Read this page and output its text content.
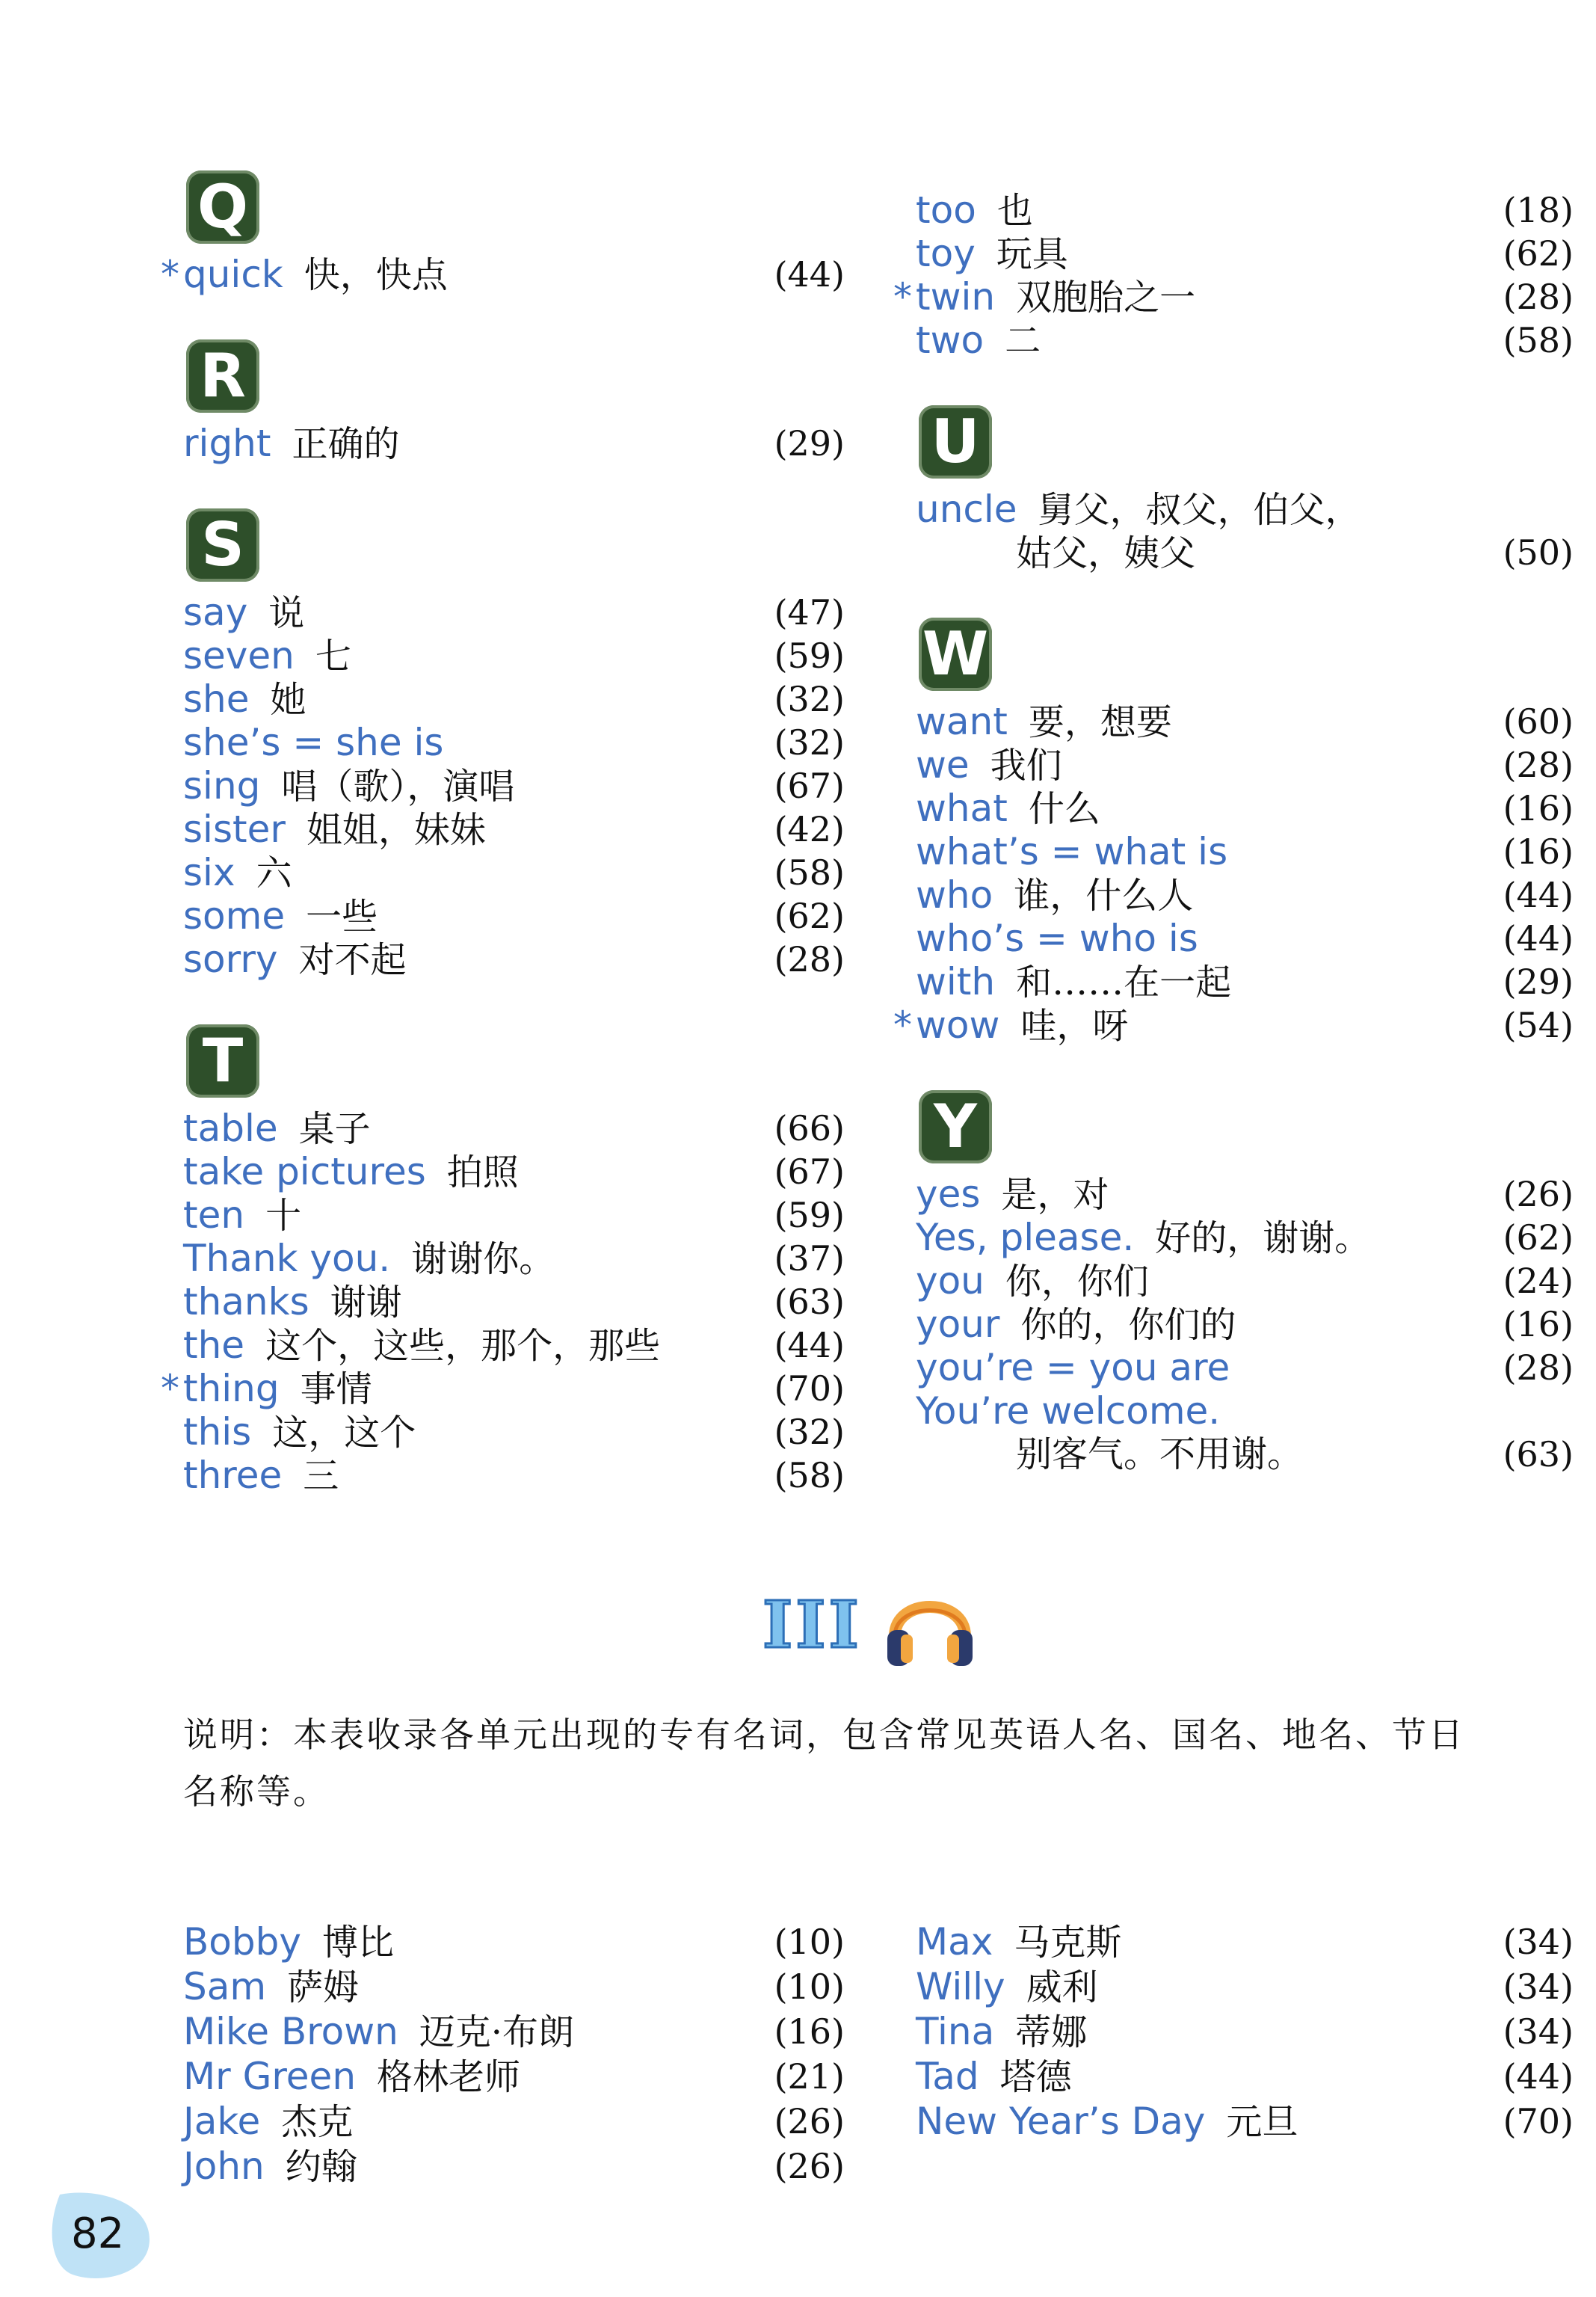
Q
* quick 快，快点	(44)
R
right 正确的	(29)
S
say 说	(47)
seven 七	(59)
she 她	(32)
she’s = she is	(32)
sing 唱（歌），演唱	(67)
sister 姐姐，妹妹	(42)
six 六	(58)
some 一些	(62)
sorry 对不起	(28)
T
table 桌子	(66)
take pictures 拍照	(67)
ten 十	(59)
Thank you. 谢谢你。	(37)
thanks 谢谢	(63)
the 这个，这些，那个，那些	(44)
* thing 事情	(70)
this 这，这个	(32)
three 三	(58)
too 也	(18)
toy 玩具	(62)
* twin 双胞胎之一	(28)
two 二	(58)
U
uncle 舅父，叔父，伯父，
姑父，姨父	(50)
W
want 要，想要	(60)
we 我们	(28)
what 什么	(16)
what’s = what is	(16)
who 谁，什么人	(44)
who’s = who is	(44)
with 和……在一起	(29)
* wow 哇，呀	(54)
Y
yes 是，对	(26)
Yes, please. 好的，谢谢。	(62)
you 你，你们	(24)
your 你的，你们的	(16)
you’re = you are	(28)
You’re welcome.
别客气。不用谢。	(63)
III
说明：本表收录各单元出现的专有名词，包含常见英语人名、国名、地名、节日
名称等。
Bobby 博比	(10)
Sam 萨姆	(10)
Mike Brown 迈克·布朗	(16)
Mr Green 格林老师	(21)
Jake 杰克	(26)
John 约翰	(26)
Max 马克斯	(34)
Willy 威利	(34)
Tina 蒂娜	(34)
Tad 塔德	(44)
New Year’s Day 元旦	(70)
82
